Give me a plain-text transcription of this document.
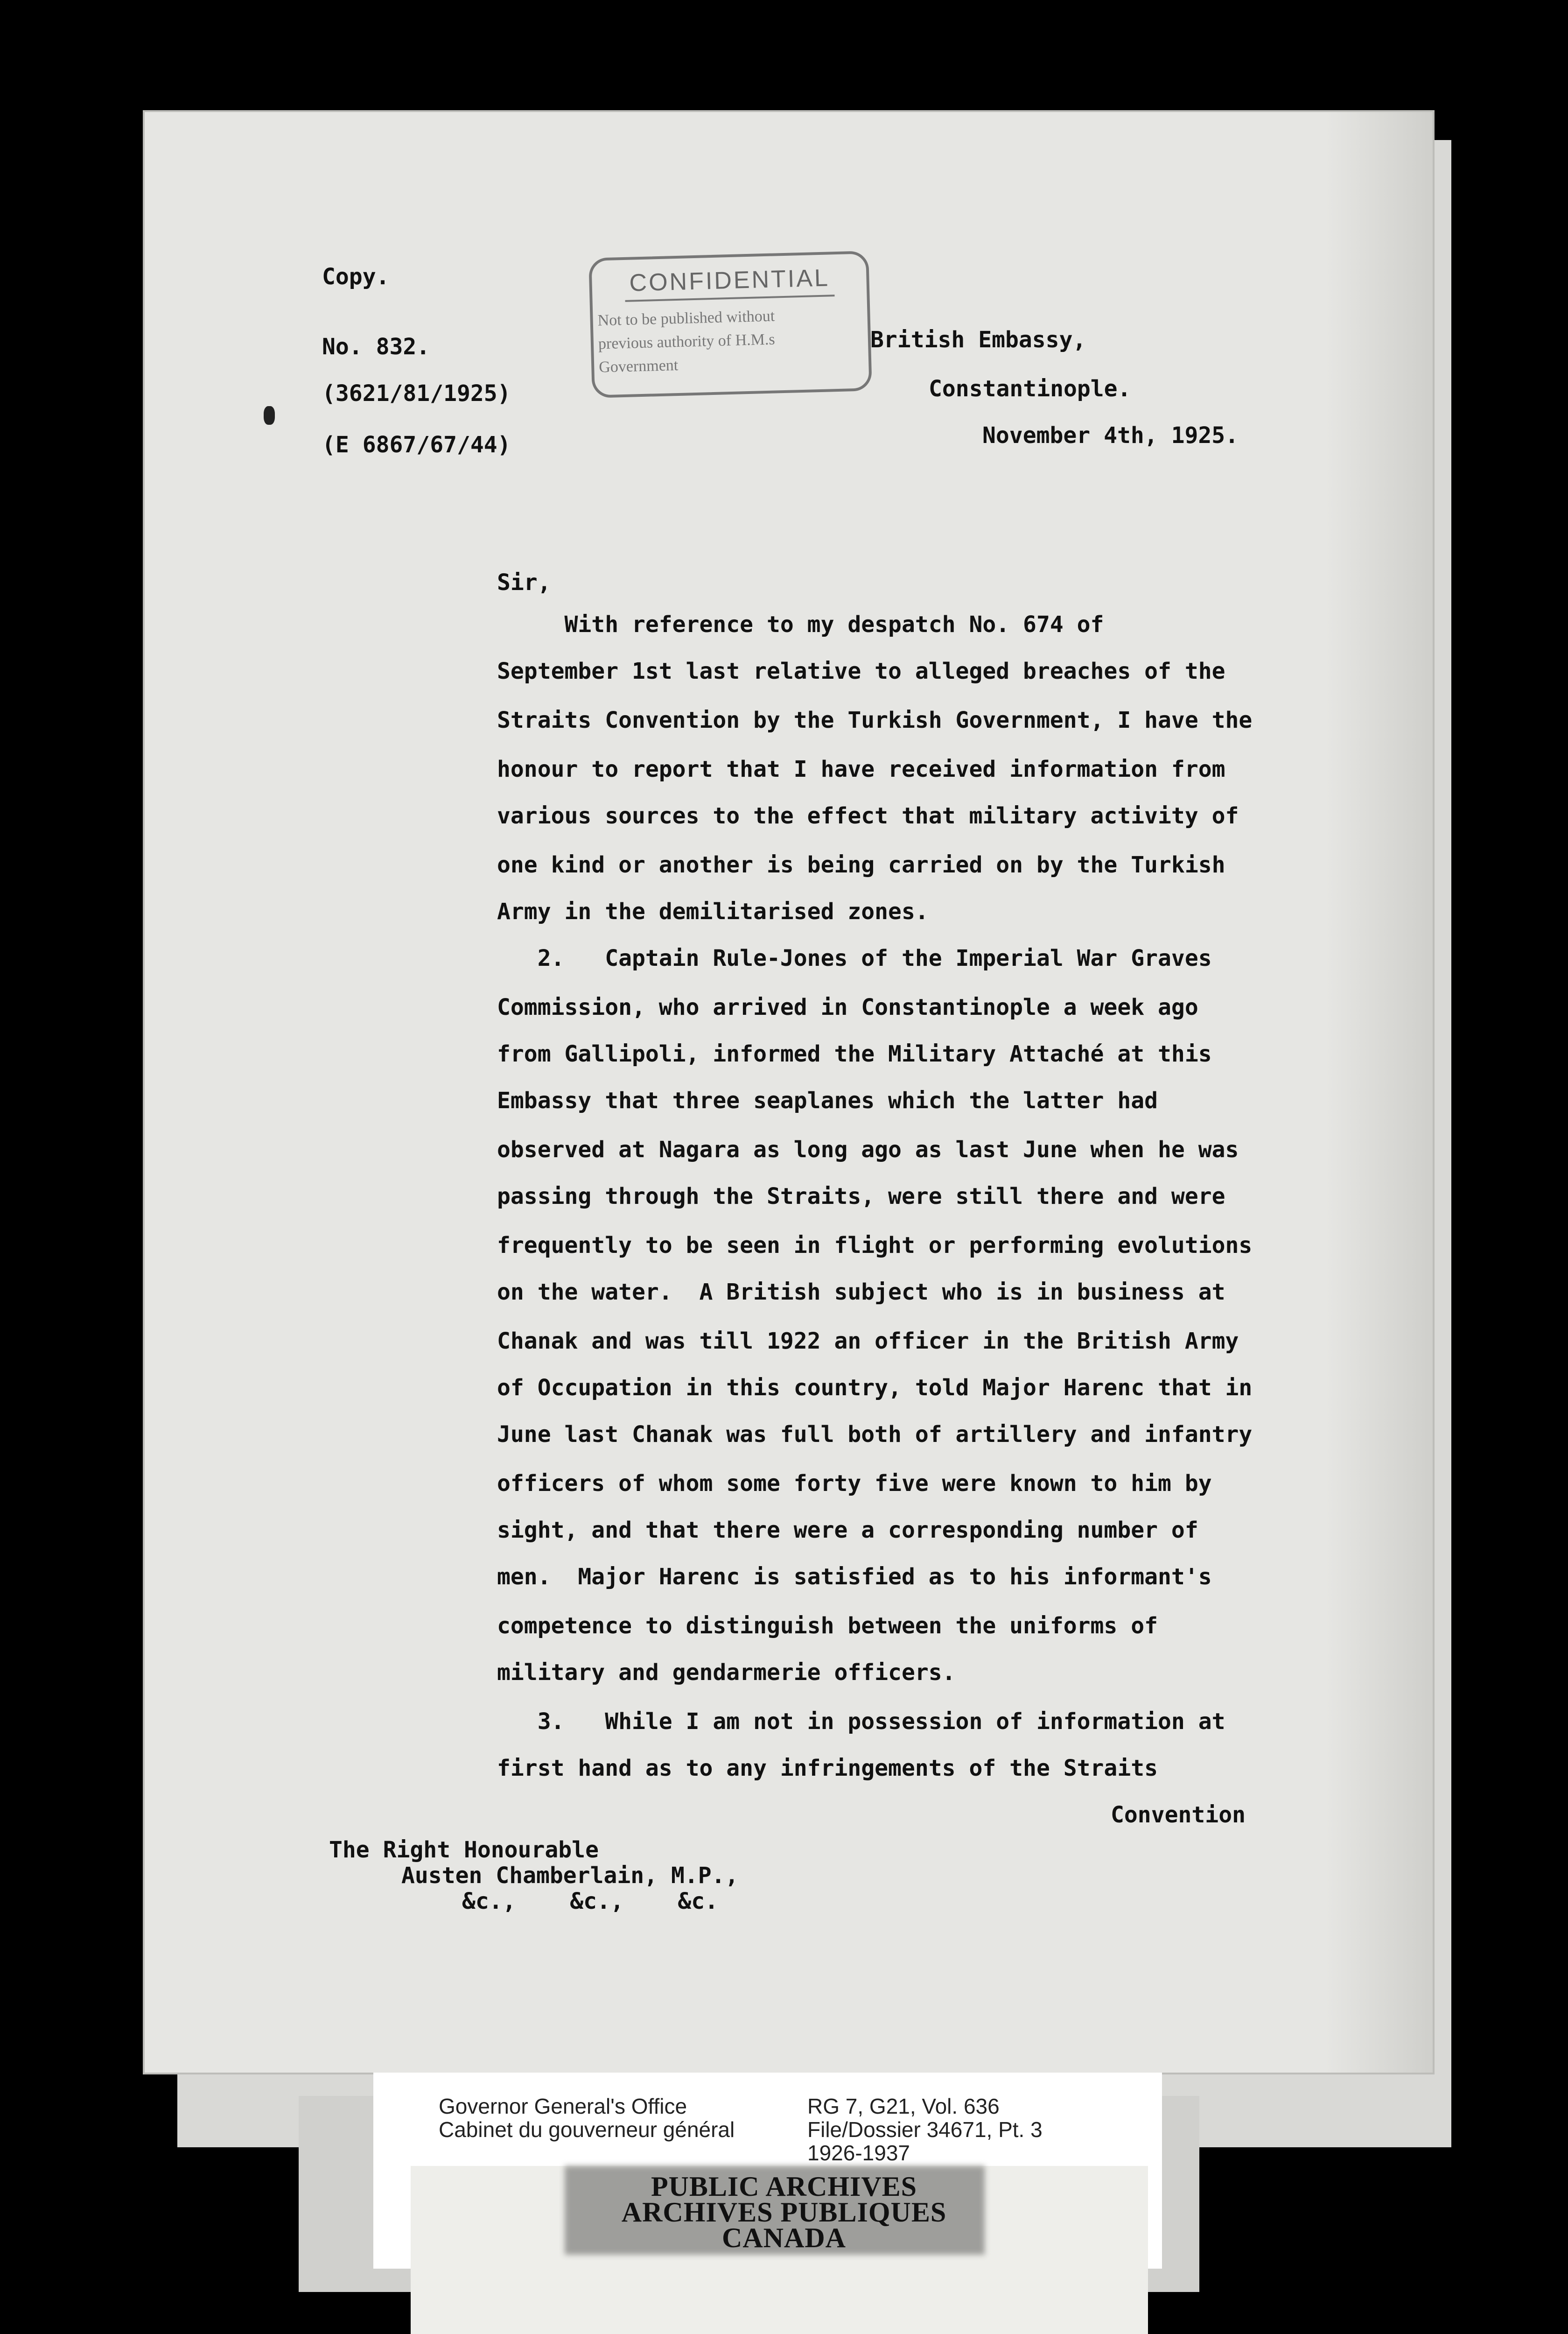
Copy.
No. 832.
(3621/81/1925)
(E 6867/67/44)
CONFIDENTIAL
Not to be published without
previous authority of H.M.s
Government
British Embassy,
Constantinople.
November 4th, 1925.
Sir,
With reference to my despatch No. 674 of
September 1st last relative to alleged breaches of the
Straits Convention by the Turkish Government, I have the
honour to report that I have received information from
various sources to the effect that military activity of
one kind or another is being carried on by the Turkish
Army in the demilitarised zones.
2.   Captain Rule-Jones of the Imperial War Graves
Commission, who arrived in Constantinople a week ago
from Gallipoli, informed the Military Attaché at this
Embassy that three seaplanes which the latter had
observed at Nagara as long ago as last June when he was
passing through the Straits, were still there and were
frequently to be seen in flight or performing evolutions
on the water.  A British subject who is in business at
Chanak and was till 1922 an officer in the British Army
of Occupation in this country, told Major Harenc that in
June last Chanak was full both of artillery and infantry
officers of whom some forty five were known to him by
sight, and that there were a corresponding number of
men.  Major Harenc is satisfied as to his informant's
competence to distinguish between the uniforms of
military and gendarmerie officers.
3.   While I am not in possession of information at
first hand as to any infringements of the Straits
Convention
The Right Honourable
Austen Chamberlain, M.P.,
&c.,    &c.,    &c.
Governor General's Office
Cabinet du gouverneur général
RG 7, G21, Vol. 636
File/Dossier 34671, Pt. 3
1926-1937
PUBLIC ARCHIVES
ARCHIVES PUBLIQUES
CANADA
